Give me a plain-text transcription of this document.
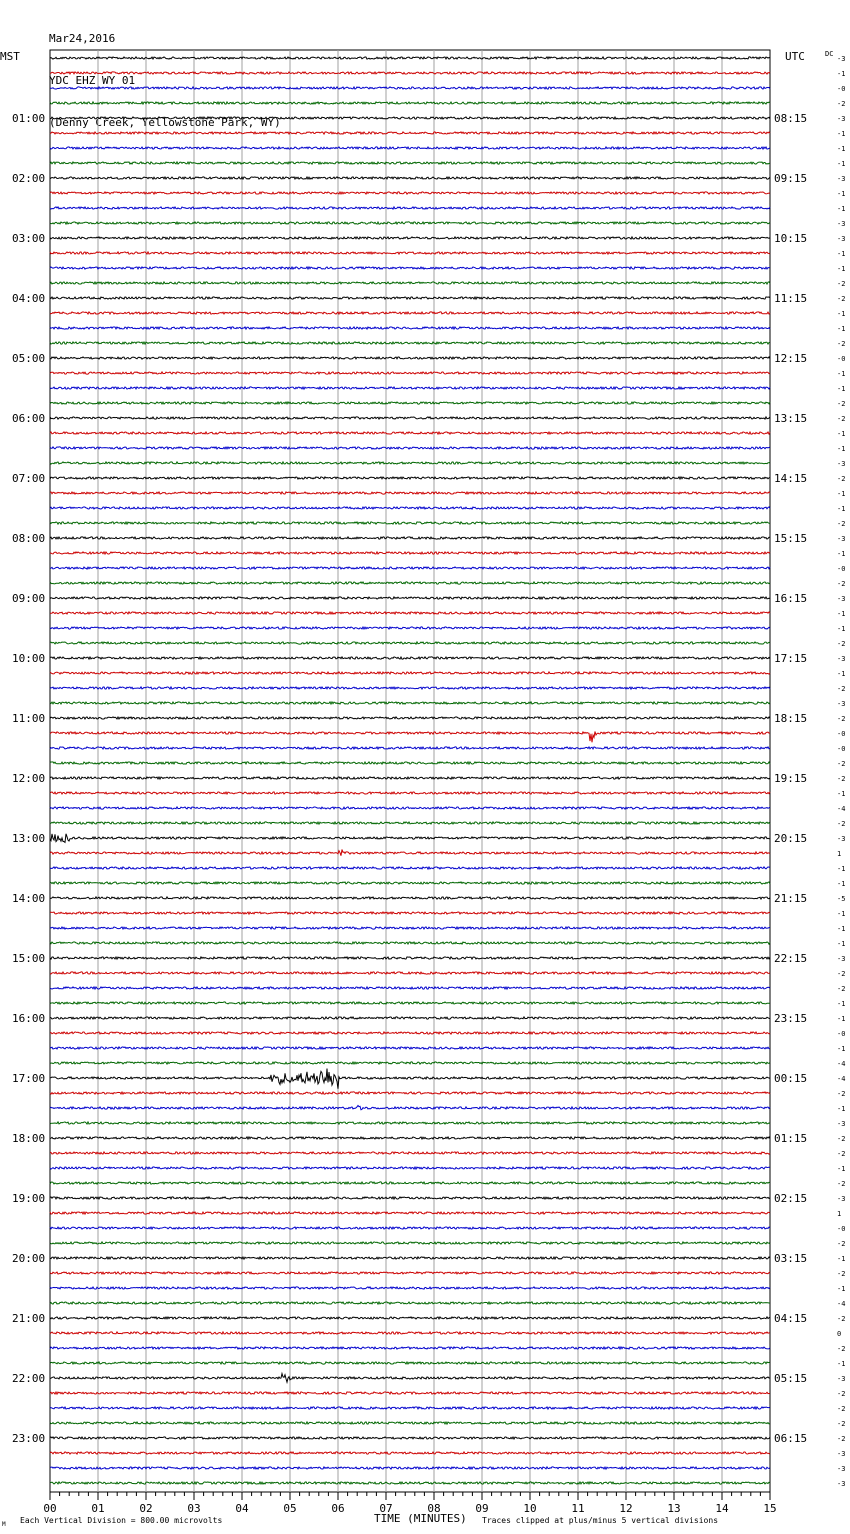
Mar24,2016

YDC EHZ WY 01

(Denny Creek, Yellowstone Park, WY)

MST	UTC	DC
TIME (MINUTES)
Each Vertical Division = 800.00 microvolts	Traces clipped at plus/minus 5 vertical divisions
M
00	01	02	03	04	05	06	07	08	09	10	11	12	13	14	15
-3
-1
-0
-2
-3
-1
-1
-1
-3
-1
-1
-3
-3
-1
-1
-2
-2
-1
-1
-2
-0
-1
-1
-2
-2
-1
-1
-3
-2
-1
-1
-2
-3
-1
-0
-2
-3
-1
-1
-2
-3
-1
-2
-3
-2
-0
-0
-2
-2
-1
-4
-2
-3
1
-1
-1
-5
-1
-1
-1
-3
-2
-2
-1
-1
-0
-1
-4
-4
-2
-1
-3
-2
-2
-1
-2
-3
1
-0
-2
-1
-2
-1
-4
-2
0
-2
-1
-3
-2
-2
-2
-2
-3
-3
-3
01:00	08:15
02:00	09:15
03:00	10:15
04:00	11:15
05:00	12:15
06:00	13:15
07:00	14:15
08:00	15:15
09:00	16:15
10:00	17:15
11:00	18:15
12:00	19:15
13:00	20:15
14:00	21:15
15:00	22:15
16:00	23:15
17:00	00:15
18:00	01:15
19:00	02:15
20:00	03:15
21:00	04:15
22:00	05:15
23:00	06:15
